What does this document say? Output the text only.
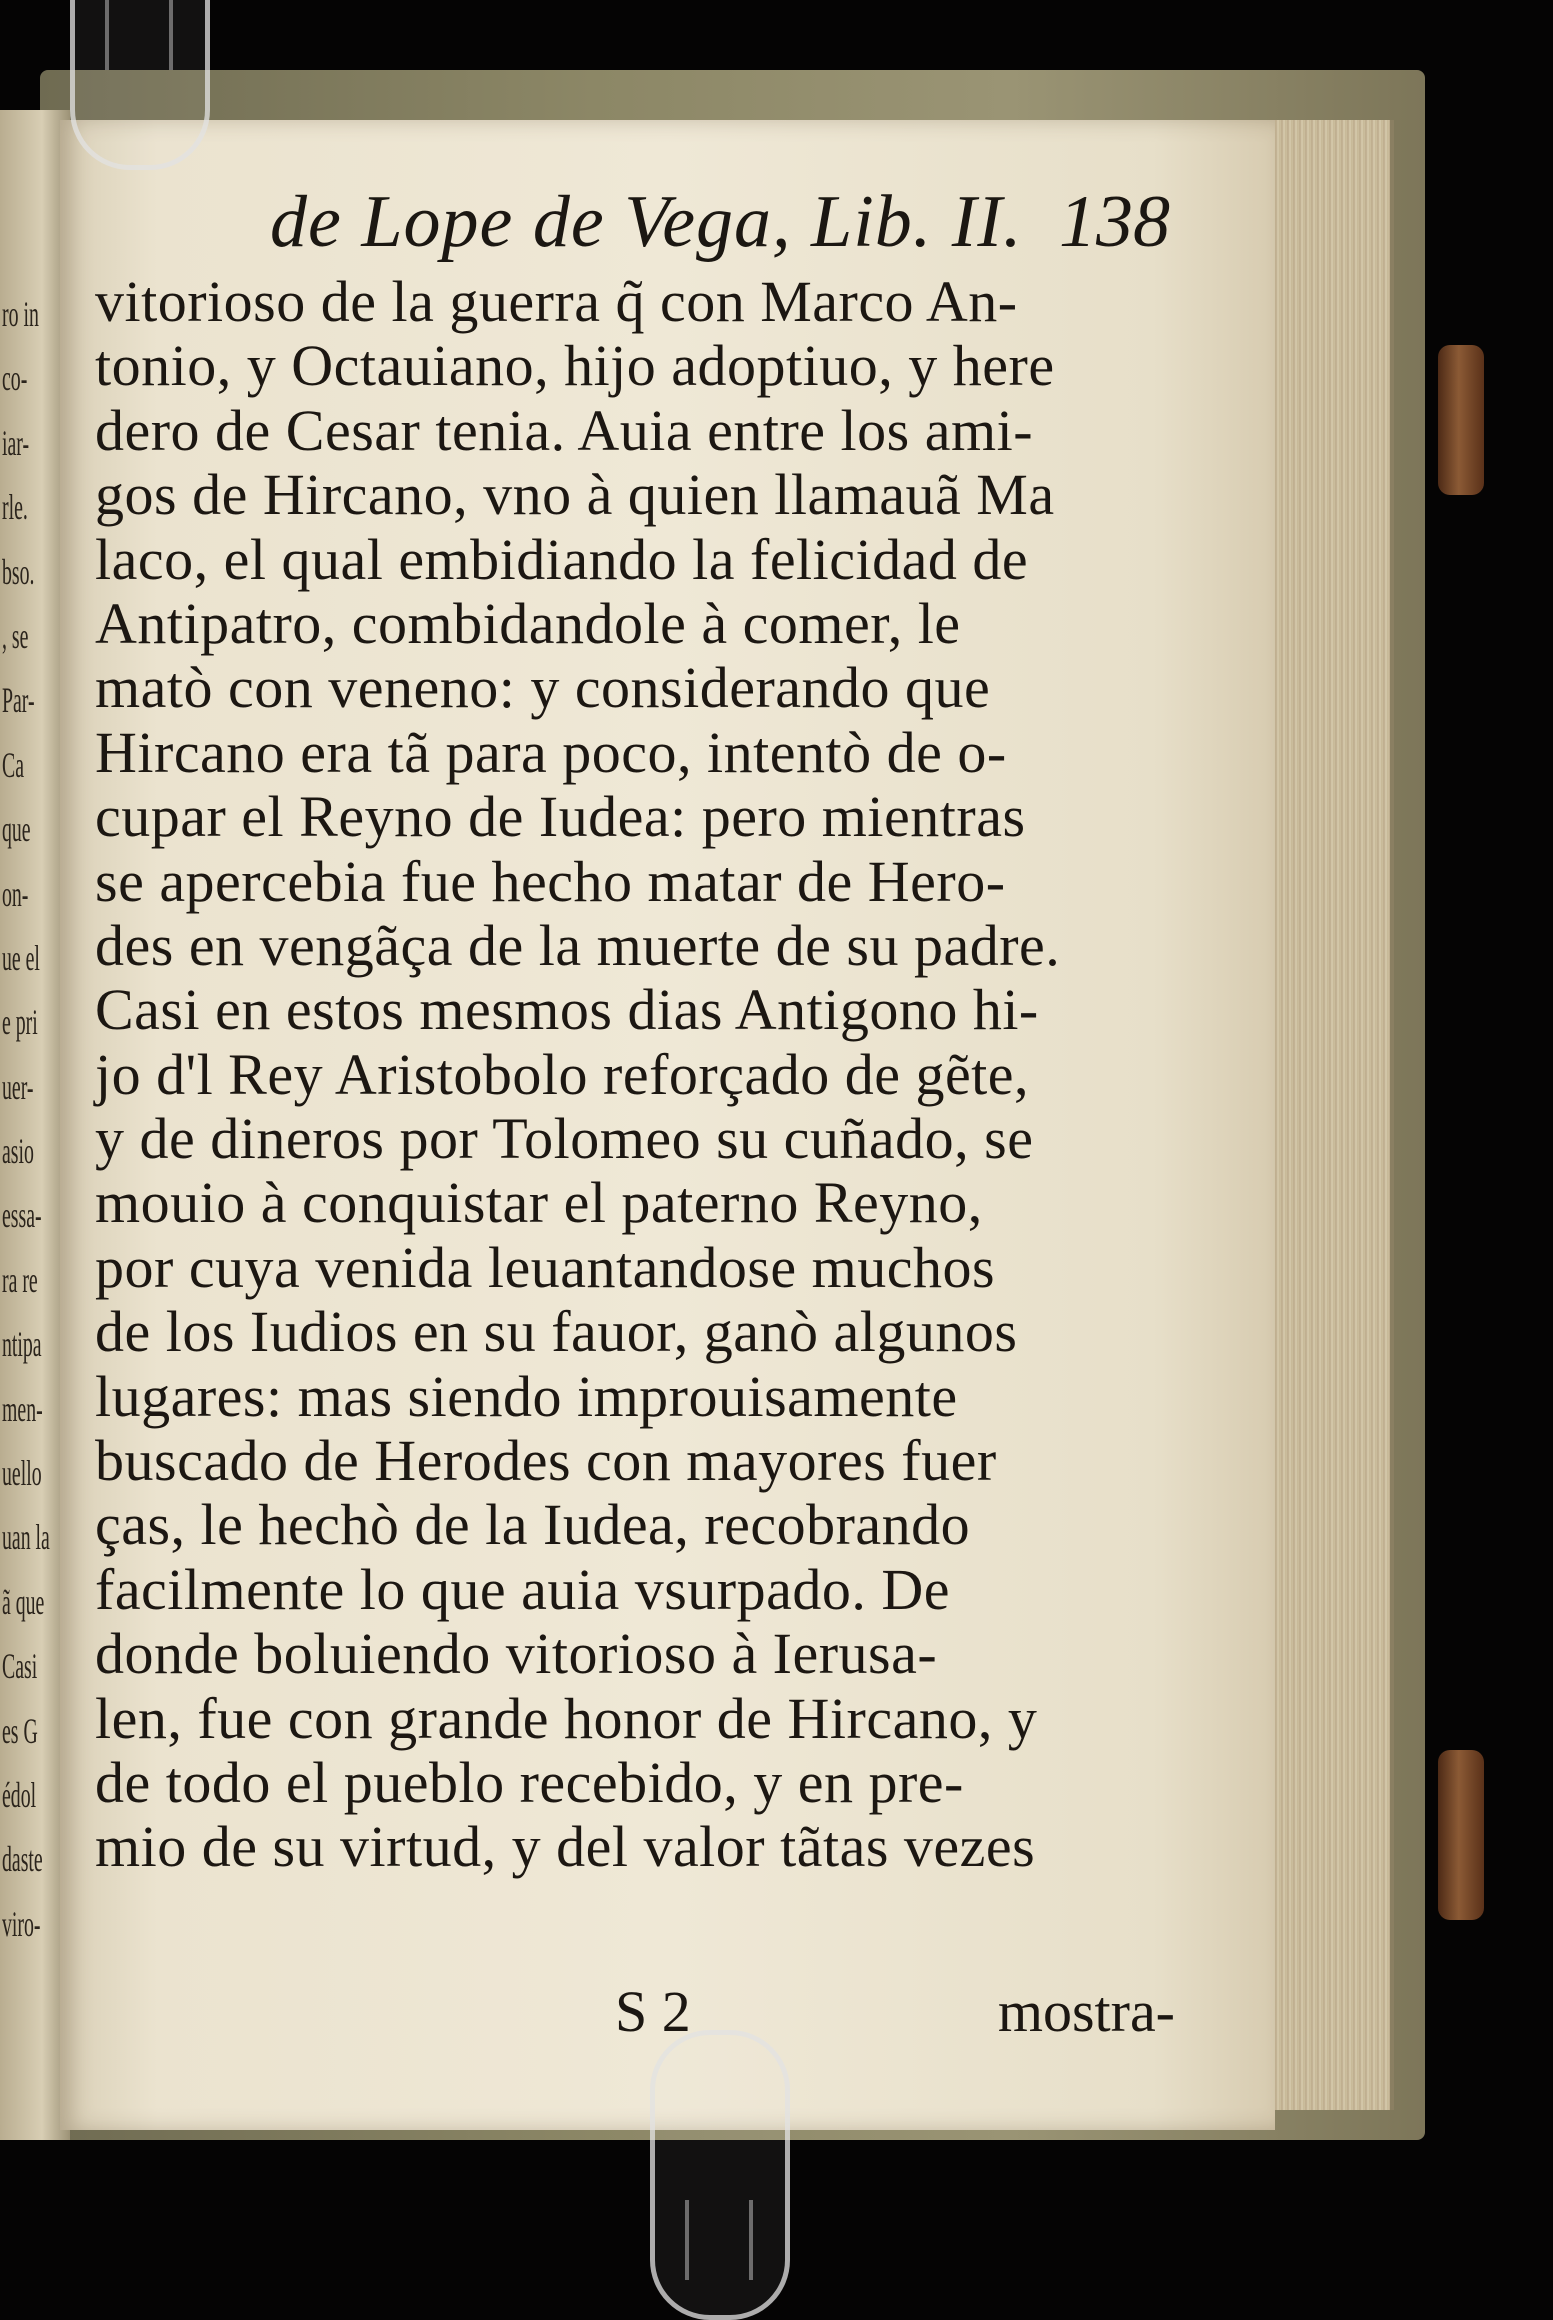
ro in
co-
iar-
rle.
bso.
, se
Par-
Ca
que
on-
ue el
e pri
uer-
asio
essa-
ra re
ntipa
men-
uello
uan la
ã que
Casi
es G
édol
daste
viro-
de Lope de Vega, Lib. II. 138
vitorioso de la guerra q̃ con Marco An-
tonio, y Octauiano, hijo adoptiuo, y here
dero de Cesar tenia. Auia entre los ami-
gos de Hircano, vno à quien llamauã Ma
laco, el qual embidiando la felicidad de
Antipatro, combidandole à comer, le
matò con veneno: y considerando que
Hircano era tã para poco, intentò de o-
cupar el Reyno de Iudea: pero mientras
se apercebia fue hecho matar de Hero-
des en vengãça de la muerte de su padre.
Casi en estos mesmos dias Antigono hi-
jo d'l Rey Aristobolo reforçado de gẽte,
y de dineros por Tolomeo su cuñado, se
mouio à conquistar el paterno Reyno,
por cuya venida leuantandose muchos
de los Iudios en su fauor, ganò algunos
lugares: mas siendo improuisamente
buscado de Herodes con mayores fuer
ças, le hechò de la Iudea, recobrando
facilmente lo que auia vsurpado. De
donde boluiendo vitorioso à Ierusa-
len, fue con grande honor de Hircano, y
de todo el pueblo recebido, y en pre-
mio de su virtud, y del valor tãtas vezes
S 2	mostra-
